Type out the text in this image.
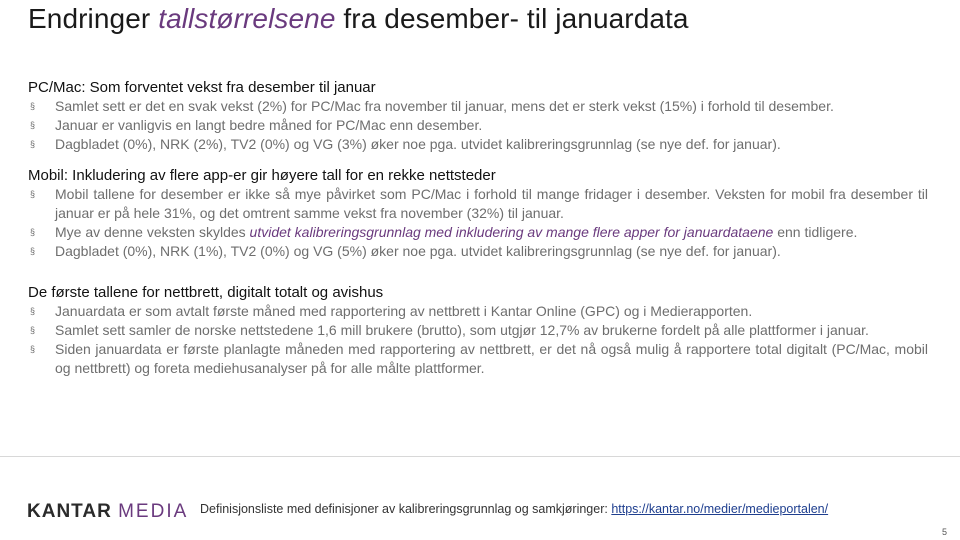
Endringer tallstørrelsene fra desember- til januardata
PC/Mac: Som forventet vekst fra desember til januar
§ Samlet sett er det en svak vekst (2%) for PC/Mac fra november til januar, mens det er sterk vekst (15%) i forhold til desember.
§ Januar er vanligvis en langt bedre måned for PC/Mac enn desember.
§ Dagbladet (0%), NRK (2%), TV2 (0%) og VG (3%) øker noe pga. utvidet kalibreringsgrunnlag (se nye def. for januar).
Mobil: Inkludering av flere app-er gir høyere tall for en rekke nettsteder
§ Mobil tallene for desember er ikke så mye påvirket som PC/Mac i forhold til mange fridager i desember. Veksten for mobil fra desember til januar er på hele 31%, og det omtrent samme vekst fra november (32%) til januar.
§ Mye av denne veksten skyldes utvidet kalibreringsgrunnlag med inkludering av mange flere apper for januardataene enn tidligere.
§ Dagbladet (0%), NRK (1%), TV2 (0%) og VG (5%) øker noe pga. utvidet kalibreringsgrunnlag (se nye def. for januar).
De første tallene for nettbrett, digitalt totalt og avishus
§ Januardata er som avtalt første måned med rapportering av nettbrett i Kantar Online (GPC) og i Medierapporten.
§ Samlet sett samler de norske nettstedene 1,6 mill brukere (brutto), som utgjør 12,7% av brukerne fordelt på alle plattformer i januar.
§ Siden januardata er første planlagte måneden med rapportering av nettbrett, er det nå også mulig å rapportere total digitalt (PC/Mac, mobil og nettbrett) og foreta mediehusanalyser på for alle målte plattformer.
KANTAR MEDIA Definisjonsliste med definisjoner av kalibreringsgrunnlag og samkjøringer: https://kantar.no/medier/medieportalen/
5
